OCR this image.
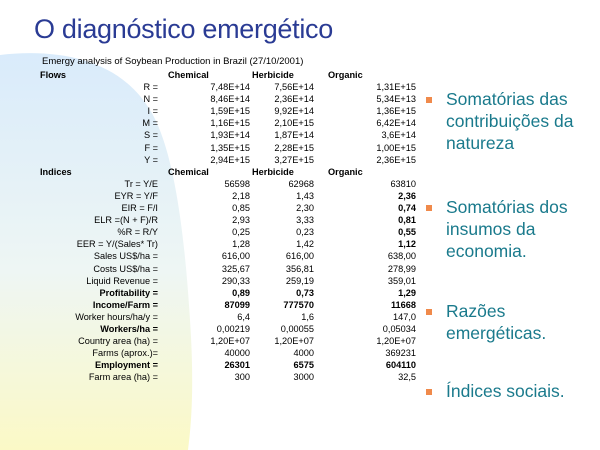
O diagnóstico emergético
Emergy analysis of Soybean Production in Brazil (27/10/2001)
Flows	Chemical	Herbicide	Organic
R =	7,48E+14	7,56E+14	1,31E+15
N =	8,46E+14	2,36E+14	5,34E+13
I =	1,59E+15	9,92E+14	1,36E+15
M =	1,16E+15	2,10E+15	6,42E+14
S =	1,93E+14	1,87E+14	3,6E+14
F =	1,35E+15	2,28E+15	1,00E+15
Y =	2,94E+15	3,27E+15	2,36E+15
Indices	Chemical	Herbicide	Organic
Tr = Y/E	56598	62968	63810
EYR = Y/F	2,18	1,43	2,36
EIR = F/I	0,85	2,30	0,74
ELR =(N + F)/R	2,93	3,33	0,81
%R = R/Y	0,25	0,23	0,55
EER = Y/(Sales* Tr)	1,28	1,42	1,12
Sales US$/ha =	616,00	616,00	638,00
Costs US$/ha =	325,67	356,81	278,99
Liquid Revenue =	290,33	259,19	359,01
Profitability =	0,89	0,73	1,29
Income/Farm =	87099	777570	11668
Worker hours/ha/y =	6,4	1,6	147,0
Workers/ha =	0,00219	0,00055	0,05034
Country area (ha) =	1,20E+07	1,20E+07	1,20E+07
Farms (aprox.)=	40000	4000	369231
Employment =	26301	6575	604110
Farm area (ha) =	300	3000	32,5
Somatórias das contribuições da natureza
Somatórias dos insumos da economia.
Razões emergéticas.
Índices sociais.
